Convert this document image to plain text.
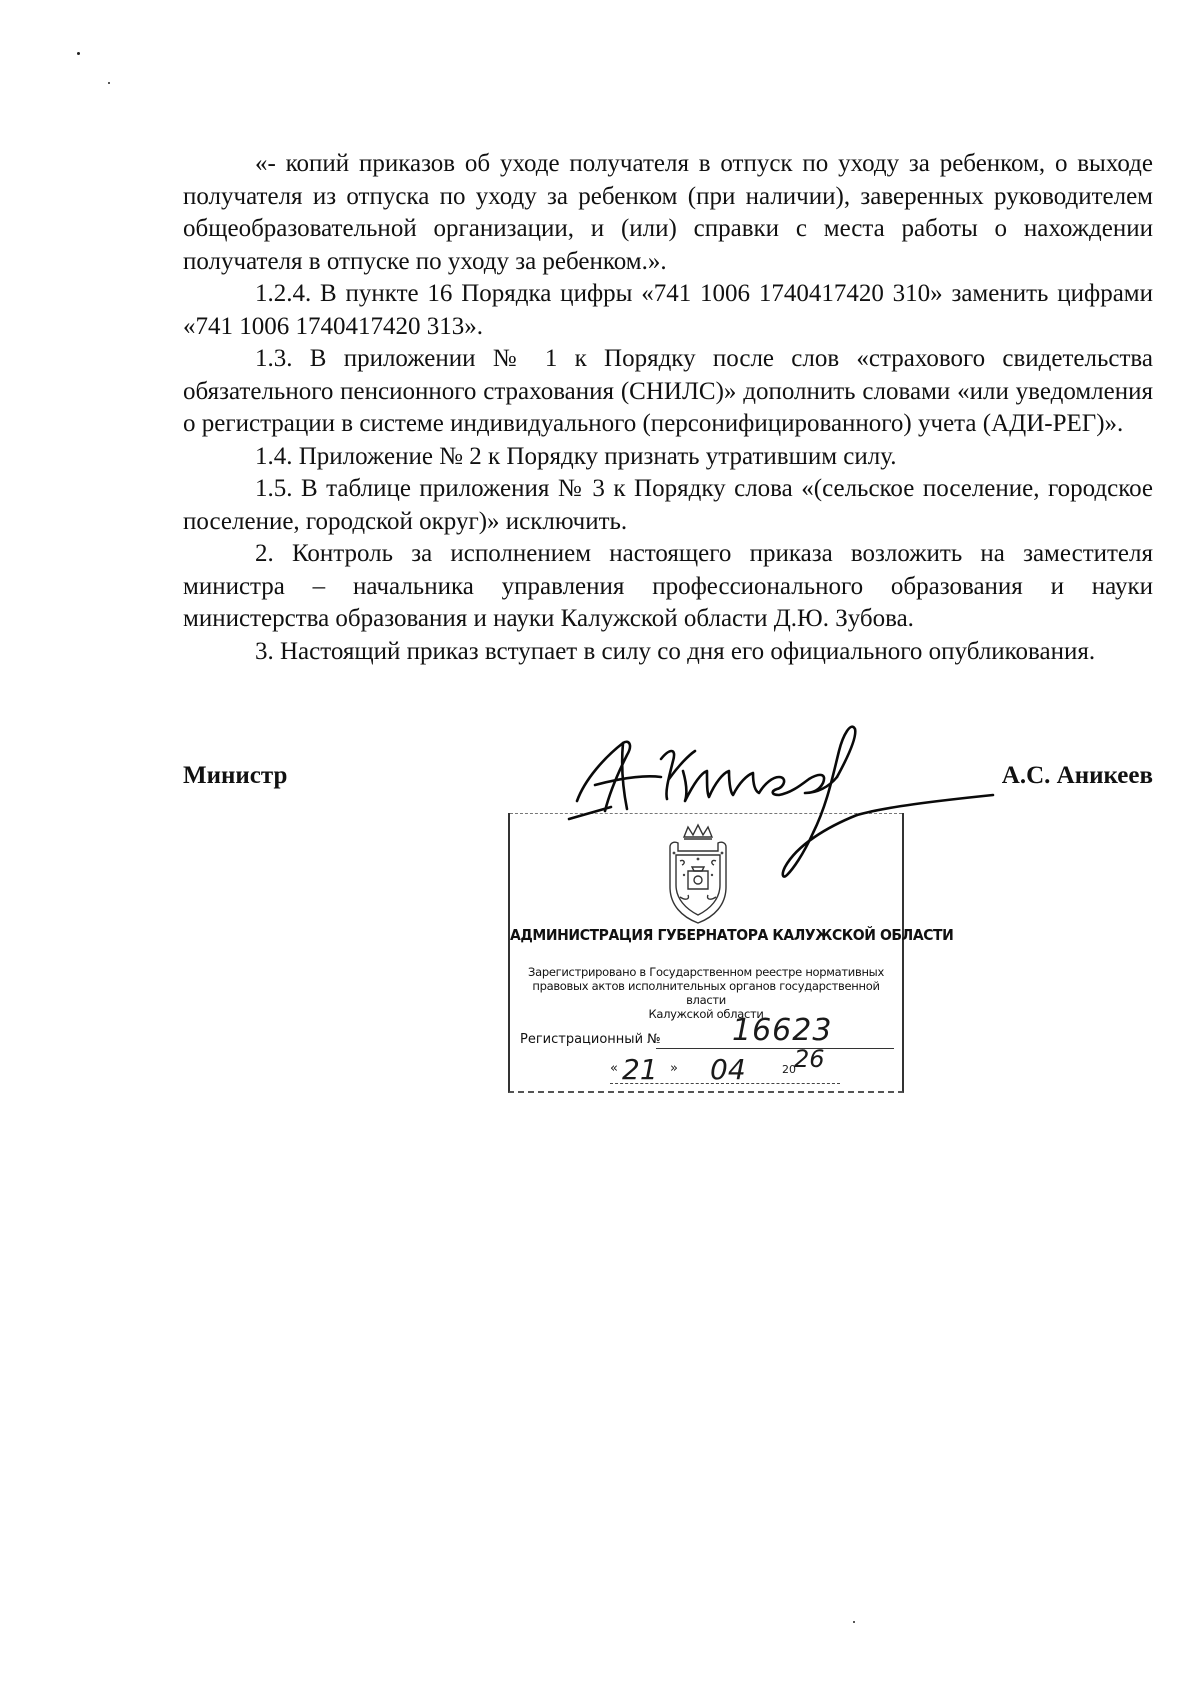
«- копий приказов об уходе получателя в отпуск по уходу за ребенком, о выходе получателя из отпуска по уходу за ребенком (при наличии), заверенных руководителем общеобразовательной организации, и (или) справки с места работы о нахождении получателя в отпуске по уходу за ребенком.».

1.2.4. В пункте 16 Порядка цифры «741 1006 1740417420 310» заменить цифрами «741 1006 1740417420 313».

1.3. В приложении № 1 к Порядку после слов «страхового свидетельства обязательного пенсионного страхования (СНИЛС)» дополнить словами «или уведомления о регистрации в системе индивидуального (персонифицированного) учета (АДИ-РЕГ)».

1.4. Приложение № 2 к Порядку признать утратившим силу.

1.5. В таблице приложения № 3 к Порядку слова «(сельское поселение, городское поселение, городской округ)» исключить.

2. Контроль за исполнением настоящего приказа возложить на заместителя министра – начальника управления профессионального образования и науки министерства образования и науки Калужской области Д.Ю. Зубова.

3. Настоящий приказ вступает в силу со дня его официального опубликования.

Министр	А.С. Аникеев
АДМИНИСТРАЦИЯ ГУБЕРНАТОРА КАЛУЖСКОЙ ОБЛАСТИ
Зарегистрировано в Государственном реестре нормативных
правовых актов исполнительных органов государственной власти
Калужской области
Регистрационный № 16623
« 21 » 04	20
26
